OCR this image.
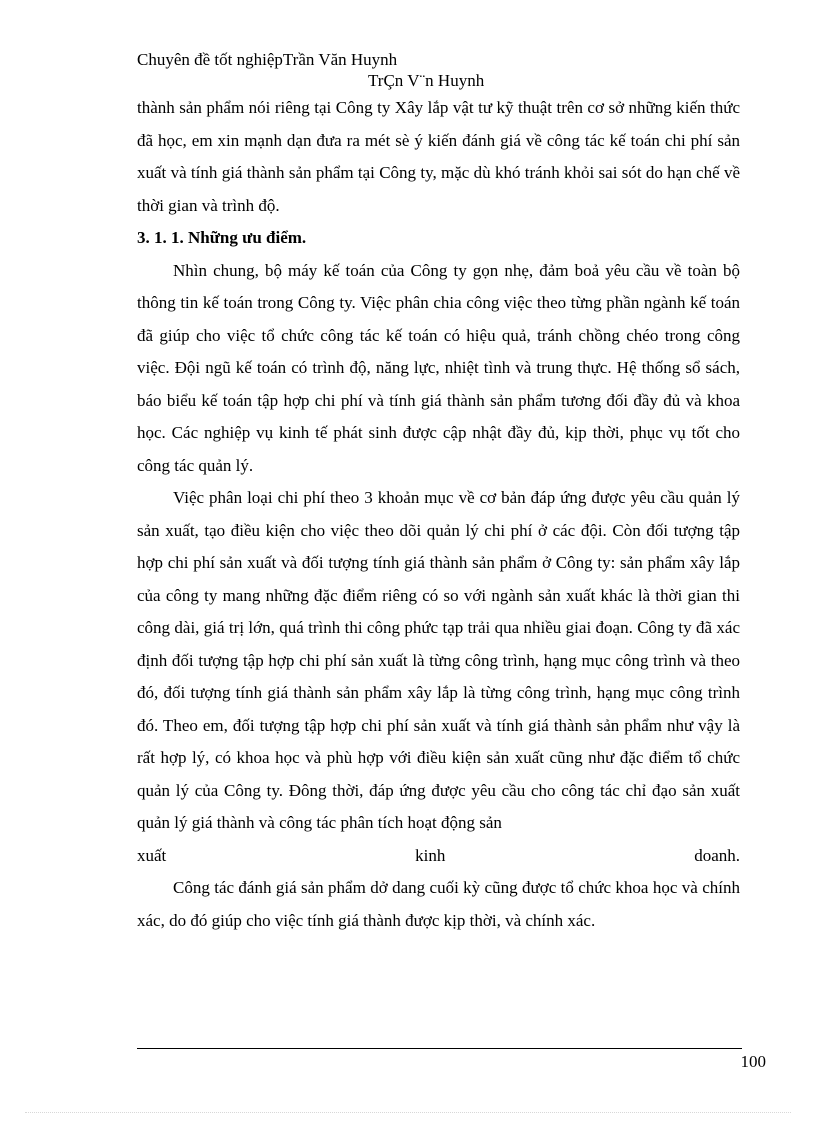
Chuyên đề tốt nghiệpTrần Văn Huynh
TrÇn V¨n Huynh

thành sản phẩm nói riêng tại Công ty Xây lắp vật tư kỹ thuật trên cơ sở những kiến thức đã học, em xin mạnh dạn đưa ra mét sè ý kiến đánh giá về công tác kế toán chi phí sản xuất và tính giá thành sản phẩm tại Công ty, mặc dù khó tránh khỏi sai sót do hạn chế về thời gian và trình độ.

3. 1. 1. Những ưu điểm.

Nhìn chung, bộ máy kế toán của Công ty gọn nhẹ, đảm boả yêu cầu về toàn bộ thông tin kế toán trong Công ty. Việc phân chia công việc theo từng phần ngành kế toán đã giúp cho việc tổ chức công tác kế toán có hiệu quả, tránh chồng chéo trong công việc. Đội ngũ kế toán có trình độ, năng lực, nhiệt tình và trung thực. Hệ thống sổ sách, báo biểu kế toán tập hợp chi phí và tính giá thành sản phẩm tương đối đầy đủ và khoa học. Các nghiệp vụ kinh tế phát sinh được cập nhật đầy đủ, kịp thời, phục vụ tốt cho công tác quản lý.

Việc phân loại chi phí theo 3 khoản mục về cơ bản đáp ứng được yêu cầu quản lý sản xuất, tạo điều kiện cho việc theo dõi quản lý chi phí ở các đội. Còn đối tượng tập hợp chi phí sản xuất và đối tượng tính giá thành sản phẩm ở Công ty: sản phẩm xây lắp của công ty mang những đặc điểm riêng có so với ngành sản xuất khác là thời gian thi công dài, giá trị lớn, quá trình thi công phức tạp trải qua nhiều giai đoạn. Công ty đã xác định đối tượng tập hợp chi phí sản xuất là từng công trình, hạng mục công trình và theo đó, đối tượng tính giá thành sản phẩm xây lắp là từng công trình, hạng mục công trình đó. Theo em, đối tượng tập hợp chi phí sản xuất và tính giá thành sản phẩm như vậy là rất hợp lý, có khoa học và phù hợp với điều kiện sản xuất cũng như đặc điểm tổ chức quản lý của Công ty. Đông thời, đáp ứng được yêu cầu cho công tác chỉ đạo sản xuất quản lý giá thành và công tác phân tích hoạt động sản

xuất	kinh	doanh.

Công tác đánh giá sản phẩm dở dang cuối kỳ cũng được tổ chức khoa học và chính xác, do đó giúp cho việc tính giá thành được kịp thời, và chính xác.

100
